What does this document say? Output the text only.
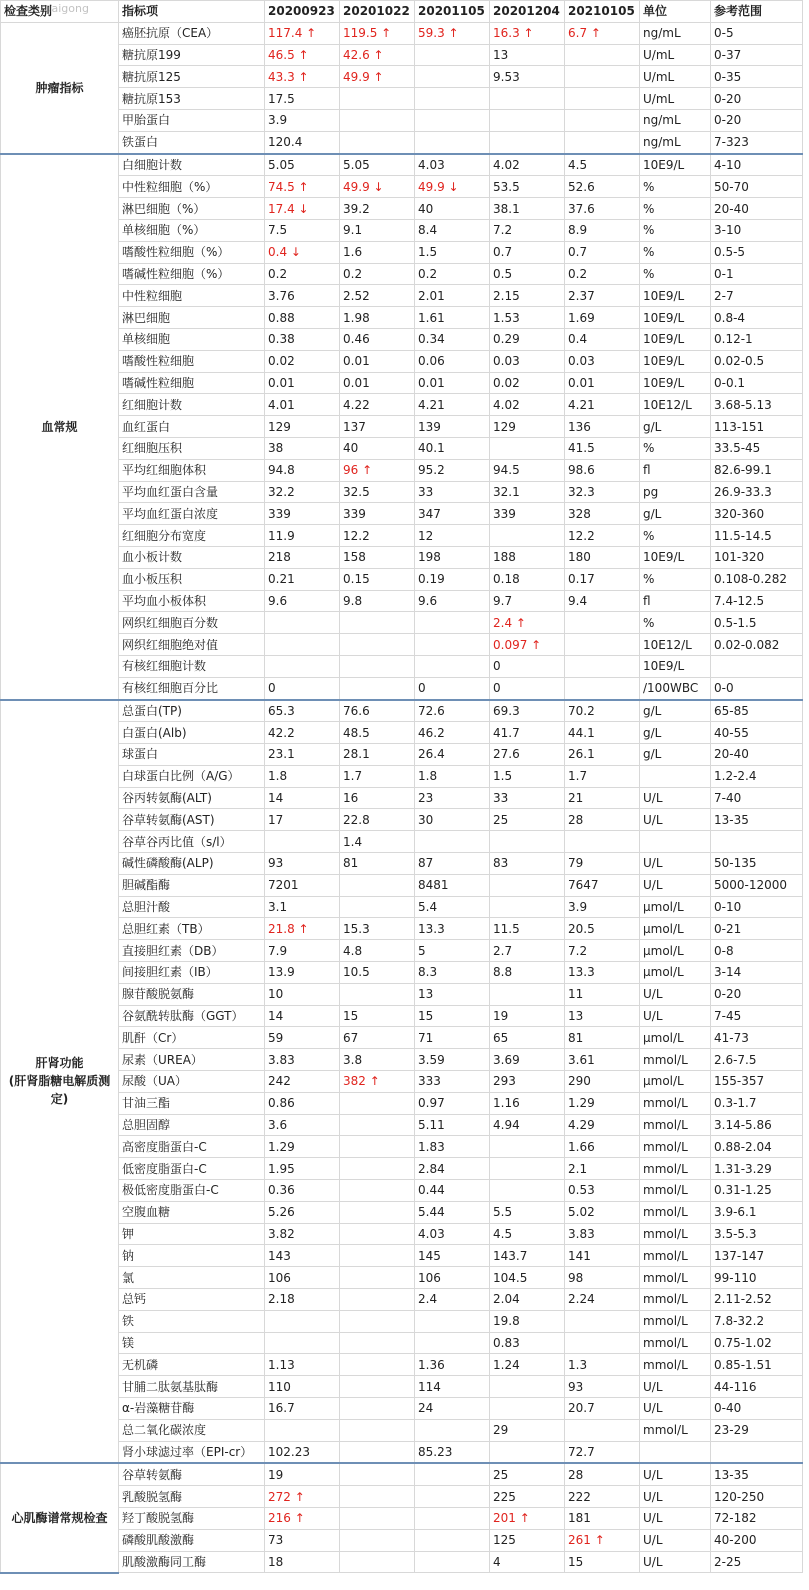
检查类别	指标项	20200923	20201022	20201105	20201204	20210105	单位	参考范围
肿瘤指标	癌胚抗原（CEA）	117.4 ↑	119.5 ↑	59.3 ↑	16.3 ↑	6.7 ↑	ng/mL	0-5
	糖抗原199	46.5 ↑	42.6 ↑		13		U/mL	0-37
	糖抗原125	43.3 ↑	49.9 ↑		9.53		U/mL	0-35
	糖抗原153	17.5					U/mL	0-20
	甲胎蛋白	3.9					ng/mL	0-20
	铁蛋白	120.4					ng/mL	7-323
血常规	白细胞计数	5.05	5.05	4.03	4.02	4.5	10E9/L	4-10
	中性粒细胞（%）	74.5 ↑	49.9 ↓	49.9 ↓	53.5	52.6	%	50-70
	淋巴细胞（%）	17.4 ↓	39.2	40	38.1	37.6	%	20-40
	单核细胞（%）	7.5	9.1	8.4	7.2	8.9	%	3-10
	嗜酸性粒细胞（%）	0.4 ↓	1.6	1.5	0.7	0.7	%	0.5-5
	嗜碱性粒细胞（%）	0.2	0.2	0.2	0.5	0.2	%	0-1
	中性粒细胞	3.76	2.52	2.01	2.15	2.37	10E9/L	2-7
	淋巴细胞	0.88	1.98	1.61	1.53	1.69	10E9/L	0.8-4
	单核细胞	0.38	0.46	0.34	0.29	0.4	10E9/L	0.12-1
	嗜酸性粒细胞	0.02	0.01	0.06	0.03	0.03	10E9/L	0.02-0.5
	嗜碱性粒细胞	0.01	0.01	0.01	0.02	0.01	10E9/L	0-0.1
	红细胞计数	4.01	4.22	4.21	4.02	4.21	10E12/L	3.68-5.13
	血红蛋白	129	137	139	129	136	g/L	113-151
	红细胞压积	38	40	40.1		41.5	%	33.5-45
	平均红细胞体积	94.8	96 ↑	95.2	94.5	98.6	fl	82.6-99.1
	平均血红蛋白含量	32.2	32.5	33	32.1	32.3	pg	26.9-33.3
	平均血红蛋白浓度	339	339	347	339	328	g/L	320-360
	红细胞分布宽度	11.9	12.2	12		12.2	%	11.5-14.5
	血小板计数	218	158	198	188	180	10E9/L	101-320
	血小板压积	0.21	0.15	0.19	0.18	0.17	%	0.108-0.282
	平均血小板体积	9.6	9.8	9.6	9.7	9.4	fl	7.4-12.5
	网织红细胞百分数				2.4 ↑		%	0.5-1.5
	网织红细胞绝对值				0.097 ↑		10E12/L	0.02-0.082
	有核红细胞计数				0		10E9/L	
	有核红细胞百分比	0		0	0		/100WBC	0-0
肝肾功能
(肝肾脂糖电解质测定)	总蛋白(TP)	65.3	76.6	72.6	69.3	70.2	g/L	65-85
	白蛋白(Alb)	42.2	48.5	46.2	41.7	44.1	g/L	40-55
	球蛋白	23.1	28.1	26.4	27.6	26.1	g/L	20-40
	白球蛋白比例（A/G）	1.8	1.7	1.8	1.5	1.7		1.2-2.4
	谷丙转氨酶(ALT)	14	16	23	33	21	U/L	7-40
	谷草转氨酶(AST)	17	22.8	30	25	28	U/L	13-35
	谷草谷丙比值（s/l）		1.4					
	碱性磷酸酶(ALP)	93	81	87	83	79	U/L	50-135
	胆碱酯酶	7201		8481		7647	U/L	5000-12000
	总胆汁酸	3.1		5.4		3.9	μmol/L	0-10
	总胆红素（TB）	21.8 ↑	15.3	13.3	11.5	20.5	μmol/L	0-21
	直接胆红素（DB）	7.9	4.8	5	2.7	7.2	μmol/L	0-8
	间接胆红素（IB）	13.9	10.5	8.3	8.8	13.3	μmol/L	3-14
	腺苷酸脱氨酶	10		13		11	U/L	0-20
	谷氨酰转肽酶（GGT）	14	15	15	19	13	U/L	7-45
	肌酐（Cr）	59	67	71	65	81	μmol/L	41-73
	尿素（UREA）	3.83	3.8	3.59	3.69	3.61	mmol/L	2.6-7.5
	尿酸（UA）	242	382 ↑	333	293	290	μmol/L	155-357
	甘油三酯	0.86		0.97	1.16	1.29	mmol/L	0.3-1.7
	总胆固醇	3.6		5.11	4.94	4.29	mmol/L	3.14-5.86
	高密度脂蛋白-C	1.29		1.83		1.66	mmol/L	0.88-2.04
	低密度脂蛋白-C	1.95		2.84		2.1	mmol/L	1.31-3.29
	极低密度脂蛋白-C	0.36		0.44		0.53	mmol/L	0.31-1.25
	空腹血糖	5.26		5.44	5.5	5.02	mmol/L	3.9-6.1
	钾	3.82		4.03	4.5	3.83	mmol/L	3.5-5.3
	钠	143		145	143.7	141	mmol/L	137-147
	氯	106		106	104.5	98	mmol/L	99-110
	总钙	2.18		2.4	2.04	2.24	mmol/L	2.11-2.52
	铁				19.8		mmol/L	7.8-32.2
	镁				0.83		mmol/L	0.75-1.02
	无机磷	1.13		1.36	1.24	1.3	mmol/L	0.85-1.51
	甘脯二肽氨基肽酶	110		114		93	U/L	44-116
	α-岩藻糖苷酶	16.7		24		20.7	U/L	0-40
	总二氧化碳浓度				29		mmol/L	23-29
	肾小球滤过率（EPI-cr）	102.23		85.23		72.7		
心肌酶谱常规检查	谷草转氨酶	19			25	28	U/L	13-35
	乳酸脱氢酶	272 ↑			225	222	U/L	120-250
	羟丁酸脱氢酶	216 ↑			201 ↑	181	U/L	72-182
	磷酸肌酸激酶	73			125	261 ↑	U/L	40-200
	肌酸激酶同工酶	18			4	15	U/L	2-25
ruaigong
